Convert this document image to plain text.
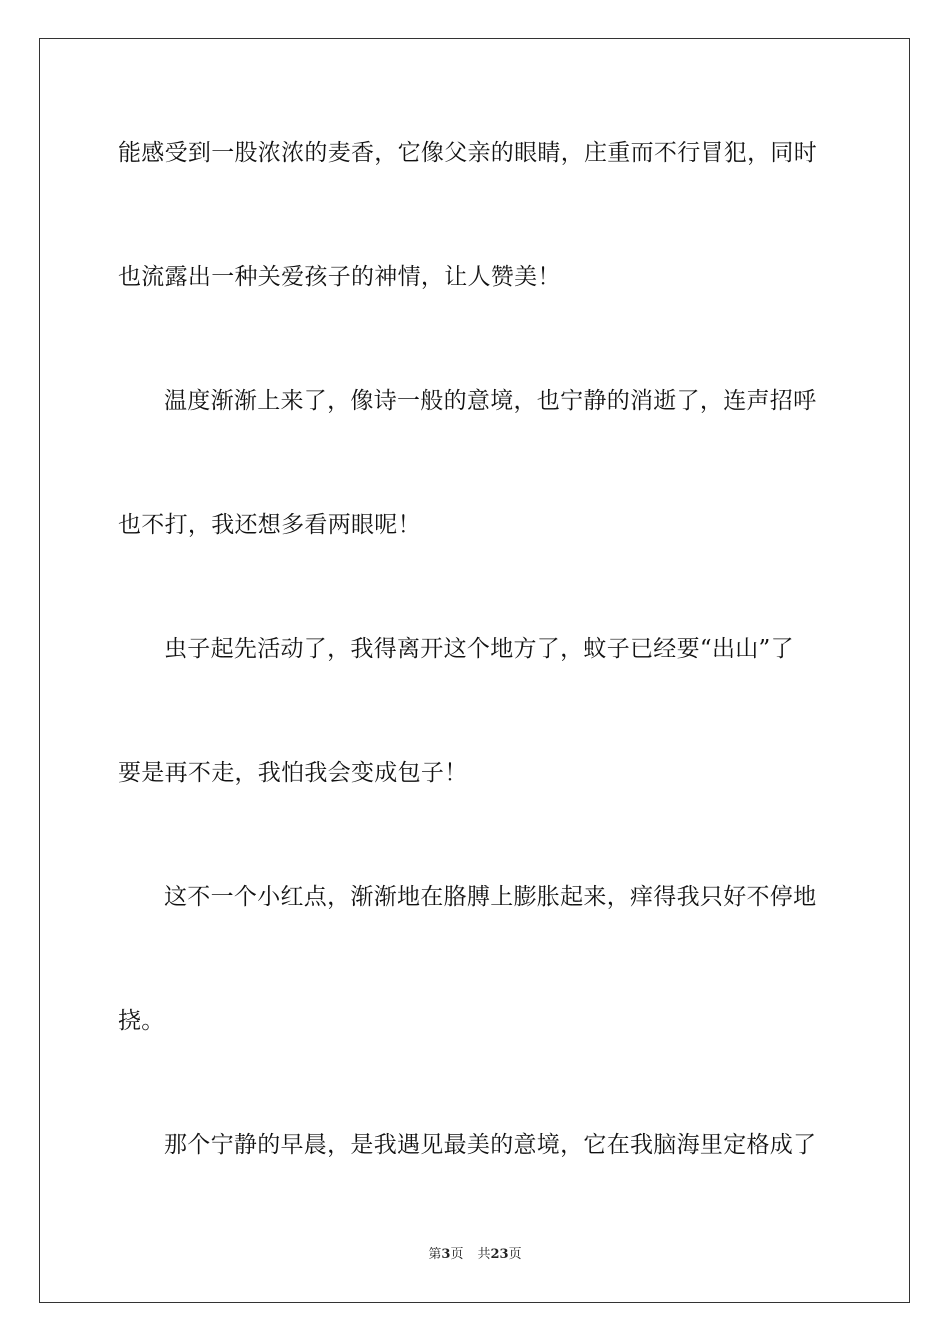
能感受到一股浓浓的麦香，它像父亲的眼睛，庄重而不行冒犯，同时
也流露出一种关爱孩子的神情，让人赞美！
温度渐渐上来了，像诗一般的意境，也宁静的消逝了，连声招呼
也不打，我还想多看两眼呢！
虫子起先活动了，我得离开这个地方了，蚊子已经要“出山”了
要是再不走，我怕我会变成包子！
这不一个小红点，渐渐地在胳膊上膨胀起来，痒得我只好不停地
挠。
那个宁静的早晨，是我遇见最美的意境，它在我脑海里定格成了
第3页 共23页
